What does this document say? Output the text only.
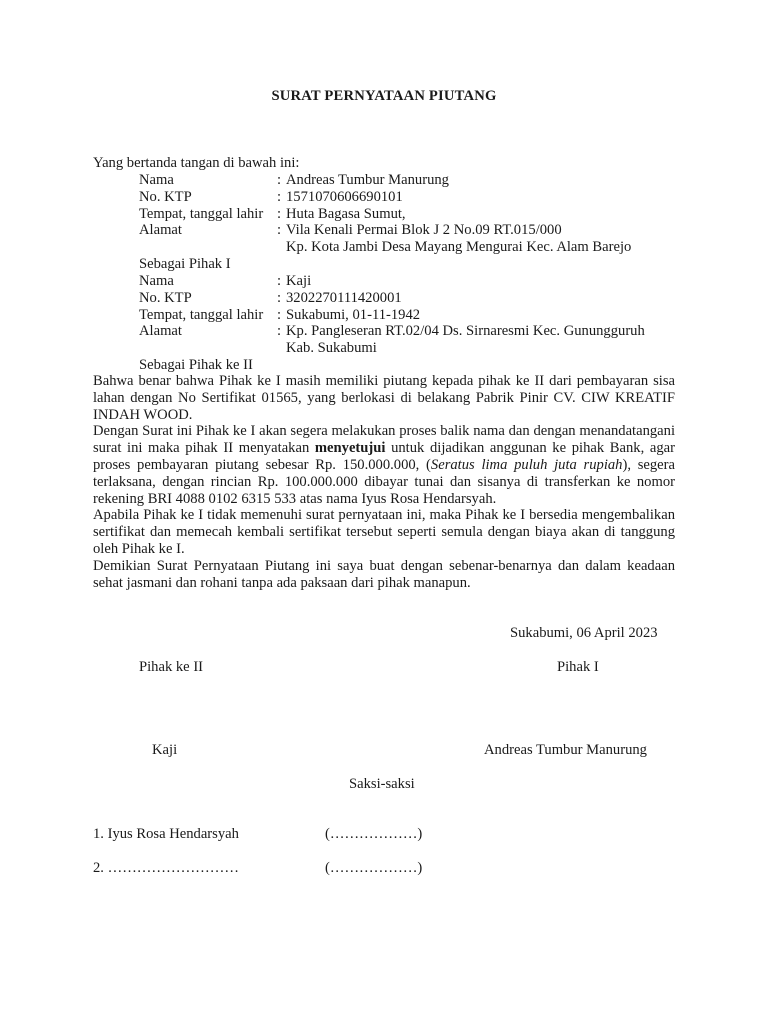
SURAT PERNYATAAN PIUTANG
Yang bertanda tangan di bawah ini:
Nama	: Andreas Tumbur Manurung
No. KTP	: 1571070606690101
Tempat, tanggal lahir : Huta Bagasa Sumut,
Alamat	: Vila Kenali Permai Blok J 2 No.09 RT.015/000
Kp. Kota Jambi Desa Mayang Mengurai Kec. Alam Barejo
Sebagai Pihak I
Nama	: Kaji
No. KTP	: 3202270111420001
Tempat, tanggal lahir : Sukabumi, 01-11-1942
Alamat	: Kp. Pangleseran RT.02/04 Ds. Sirnaresmi Kec. Gunungguruh
Kab. Sukabumi
Sebagai Pihak ke II

Bahwa benar bahwa Pihak ke I masih memiliki piutang kepada pihak ke II dari pembayaran sisa lahan dengan No Sertifikat 01565, yang berlokasi di belakang Pabrik Pinir CV. CIW KREATIF INDAH WOOD.

Dengan Surat ini Pihak ke I akan segera melakukan proses balik nama dan dengan menandatangani surat ini maka pihak II menyatakan menyetujui untuk dijadikan anggunan ke pihak Bank, agar proses pembayaran piutang sebesar Rp. 150.000.000, (Seratus lima puluh juta rupiah), segera terlaksana, dengan rincian Rp. 100.000.000 dibayar tunai dan sisanya di transferkan ke nomor rekening BRI 4088 0102 6315 533 atas nama Iyus Rosa Hendarsyah.

Apabila Pihak ke I tidak memenuhi surat pernyataan ini, maka Pihak ke I bersedia mengembalikan sertifikat dan memecah kembali sertifikat tersebut seperti semula dengan biaya akan di tanggung oleh Pihak ke I.

Demikian Surat Pernyataan Piutang ini saya buat dengan sebenar-benarnya dan dalam keadaan sehat jasmani dan rohani tanpa ada paksaan dari pihak manapun.

Sukabumi, 06 April 2023
Pihak ke II	Pihak I
Kaji	Andreas Tumbur Manurung
Saksi-saksi
1. Iyus Rosa Hendarsyah	(………………)
2. ………………………	(………………)
